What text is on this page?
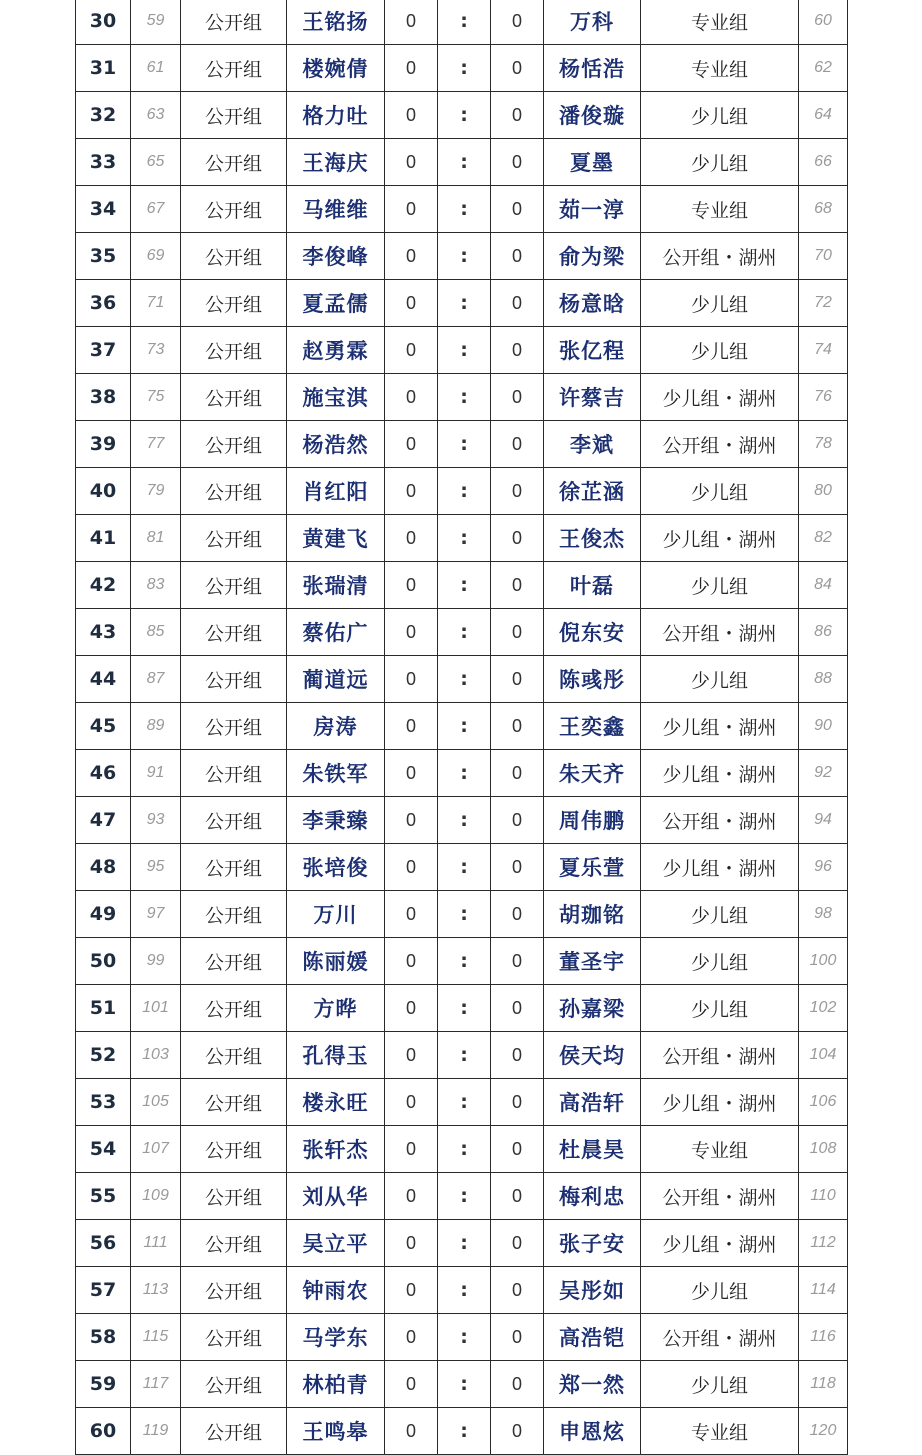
30	59	公开组	王铭扬	0	:	0	万科	专业组	60
31	61	公开组	楼婉倩	0	:	0	杨恬浩	专业组	62
32	63	公开组	格力吐	0	:	0	潘俊璇	少儿组	64
33	65	公开组	王海庆	0	:	0	夏墨	少儿组	66
34	67	公开组	马维维	0	:	0	茹一淳	专业组	68
35	69	公开组	李俊峰	0	:	0	俞为梁	公开组・湖州	70
36	71	公开组	夏孟儒	0	:	0	杨意晗	少儿组	72
37	73	公开组	赵勇霖	0	:	0	张亿程	少儿组	74
38	75	公开组	施宝淇	0	:	0	许蔡吉	少儿组・湖州	76
39	77	公开组	杨浩然	0	:	0	李斌	公开组・湖州	78
40	79	公开组	肖红阳	0	:	0	徐芷涵	少儿组	80
41	81	公开组	黄建飞	0	:	0	王俊杰	少儿组・湖州	82
42	83	公开组	张瑞清	0	:	0	叶磊	少儿组	84
43	85	公开组	蔡佑广	0	:	0	倪东安	公开组・湖州	86
44	87	公开组	蔺道远	0	:	0	陈彧彤	少儿组	88
45	89	公开组	房涛	0	:	0	王奕鑫	少儿组・湖州	90
46	91	公开组	朱铁军	0	:	0	朱天齐	少儿组・湖州	92
47	93	公开组	李秉臻	0	:	0	周伟鹏	公开组・湖州	94
48	95	公开组	张培俊	0	:	0	夏乐萱	少儿组・湖州	96
49	97	公开组	万川	0	:	0	胡珈铭	少儿组	98
50	99	公开组	陈丽媛	0	:	0	董圣宇	少儿组	100
51	101	公开组	方晔	0	:	0	孙嘉梁	少儿组	102
52	103	公开组	孔得玉	0	:	0	侯天均	公开组・湖州	104
53	105	公开组	楼永旺	0	:	0	高浩轩	少儿组・湖州	106
54	107	公开组	张轩杰	0	:	0	杜晨昊	专业组	108
55	109	公开组	刘从华	0	:	0	梅利忠	公开组・湖州	110
56	111	公开组	吴立平	0	:	0	张子安	少儿组・湖州	112
57	113	公开组	钟雨农	0	:	0	吴彤如	少儿组	114
58	115	公开组	马学东	0	:	0	高浩铠	公开组・湖州	116
59	117	公开组	林柏青	0	:	0	郑一然	少儿组	118
60	119	公开组	王鸣皋	0	:	0	申恩炫	专业组	120
